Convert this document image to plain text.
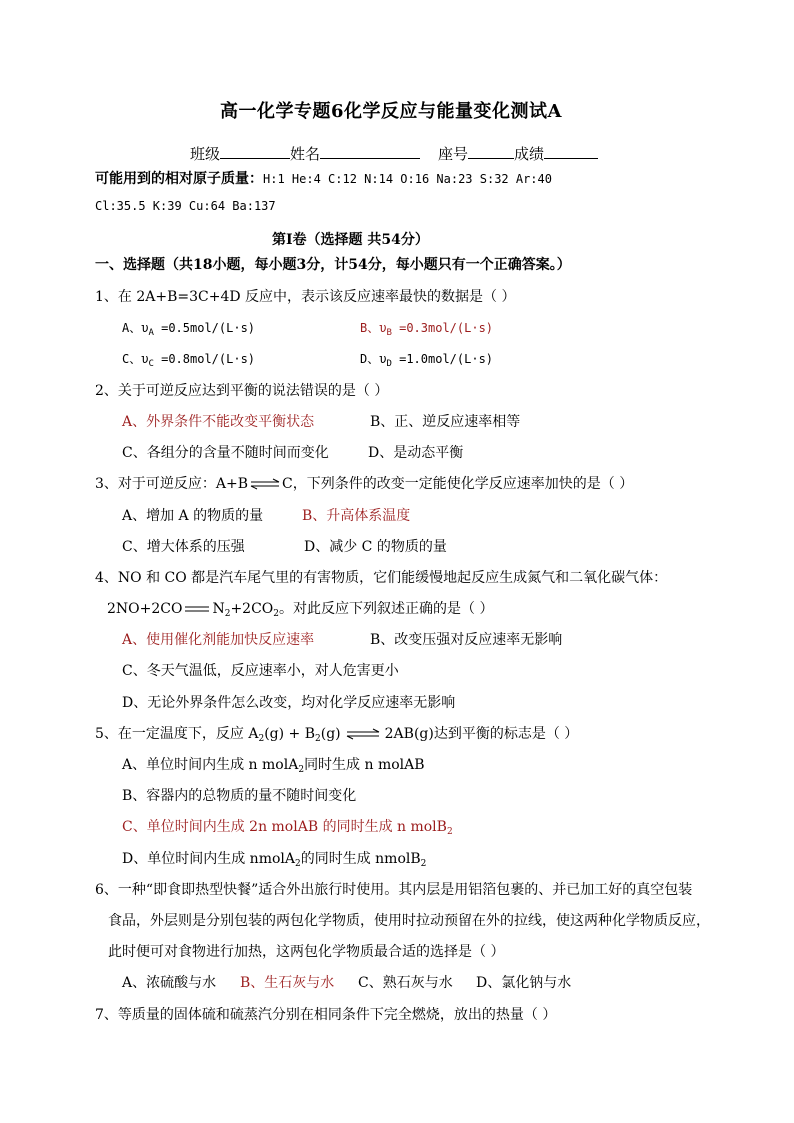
高一化学专题6化学反应与能量变化测试A
班级	姓名	座号	成绩
可能用到的相对原子质量：H:1 He:4 C:12 N:14 O:16 Na:23 S:32 Ar:40
Cl:35.5 K:39 Cu:64 Ba:137
第Ⅰ卷（选择题 共54分）
一、选择题（共18小题，每小题3分，计54分，每小题只有一个正确答案。）
1、在 2A+B=3C+4D 反应中，表示该反应速率最快的数据是（ ）
A、$\upsilon_A =0.5mol/(L\cdot s)$	B、$\upsilon_B =0.3mol/(L\cdot s)$
C、$\upsilon_C =0.8mol/(L\cdot s)$	D、$\upsilon_D =1.0mol/(L\cdot s)$
2、关于可逆反应达到平衡的说法错误的是（ ）
A、外界条件不能改变平衡状态	B、正、逆反应速率相等
C、各组分的含量不随时间而变化	D、是动态平衡
3、对于可逆反应：A+B ⇌ C，下列条件的改变一定能使化学反应速率加快的是（ ）
A、增加 A 的物质的量	B、升高体系温度
C、增大体系的压强	D、减少 C 的物质的量
4、NO 和 CO 都是汽车尾气里的有害物质，它们能缓慢地起反应生成氮气和二氧化碳气体：
2NO+2CO $N_2+2CO_2$。对此反应下列叙述正确的是（ ）
A、使用催化剂能加快反应速率	B、改变压强对反应速率无影响
C、冬天气温低，反应速率小，对人危害更小
D、无论外界条件怎么改变，均对化学反应速率无影响
5、在一定温度下，反应 $A_2(g) + B_2(g)$ ⇌ 2AB(g)达到平衡的标志是（ ）
A、单位时间内生成 n molA$_2$同时生成 n molAB
B、容器内的总物质的量不随时间变化
C、单位时间内生成 2n molAB 的同时生成 n molB$_2$
D、单位时间内生成 nmolA$_2$的同时生成 nmolB$_2$
6、一种“即食即热型快餐”适合外出旅行时使用。其内层是用铝箔包裹的、并已加工好的真空包装
食品，外层则是分别包装的两包化学物质，使用时拉动预留在外的拉线，使这两种化学物质反应，
此时便可对食物进行加热，这两包化学物质最合适的选择是（ ）
A、浓硫酸与水 B、生石灰与水 C、熟石灰与水 D、氯化钠与水
7、等质量的固体硫和硫蒸汽分别在相同条件下完全燃烧，放出的热量（ ）
